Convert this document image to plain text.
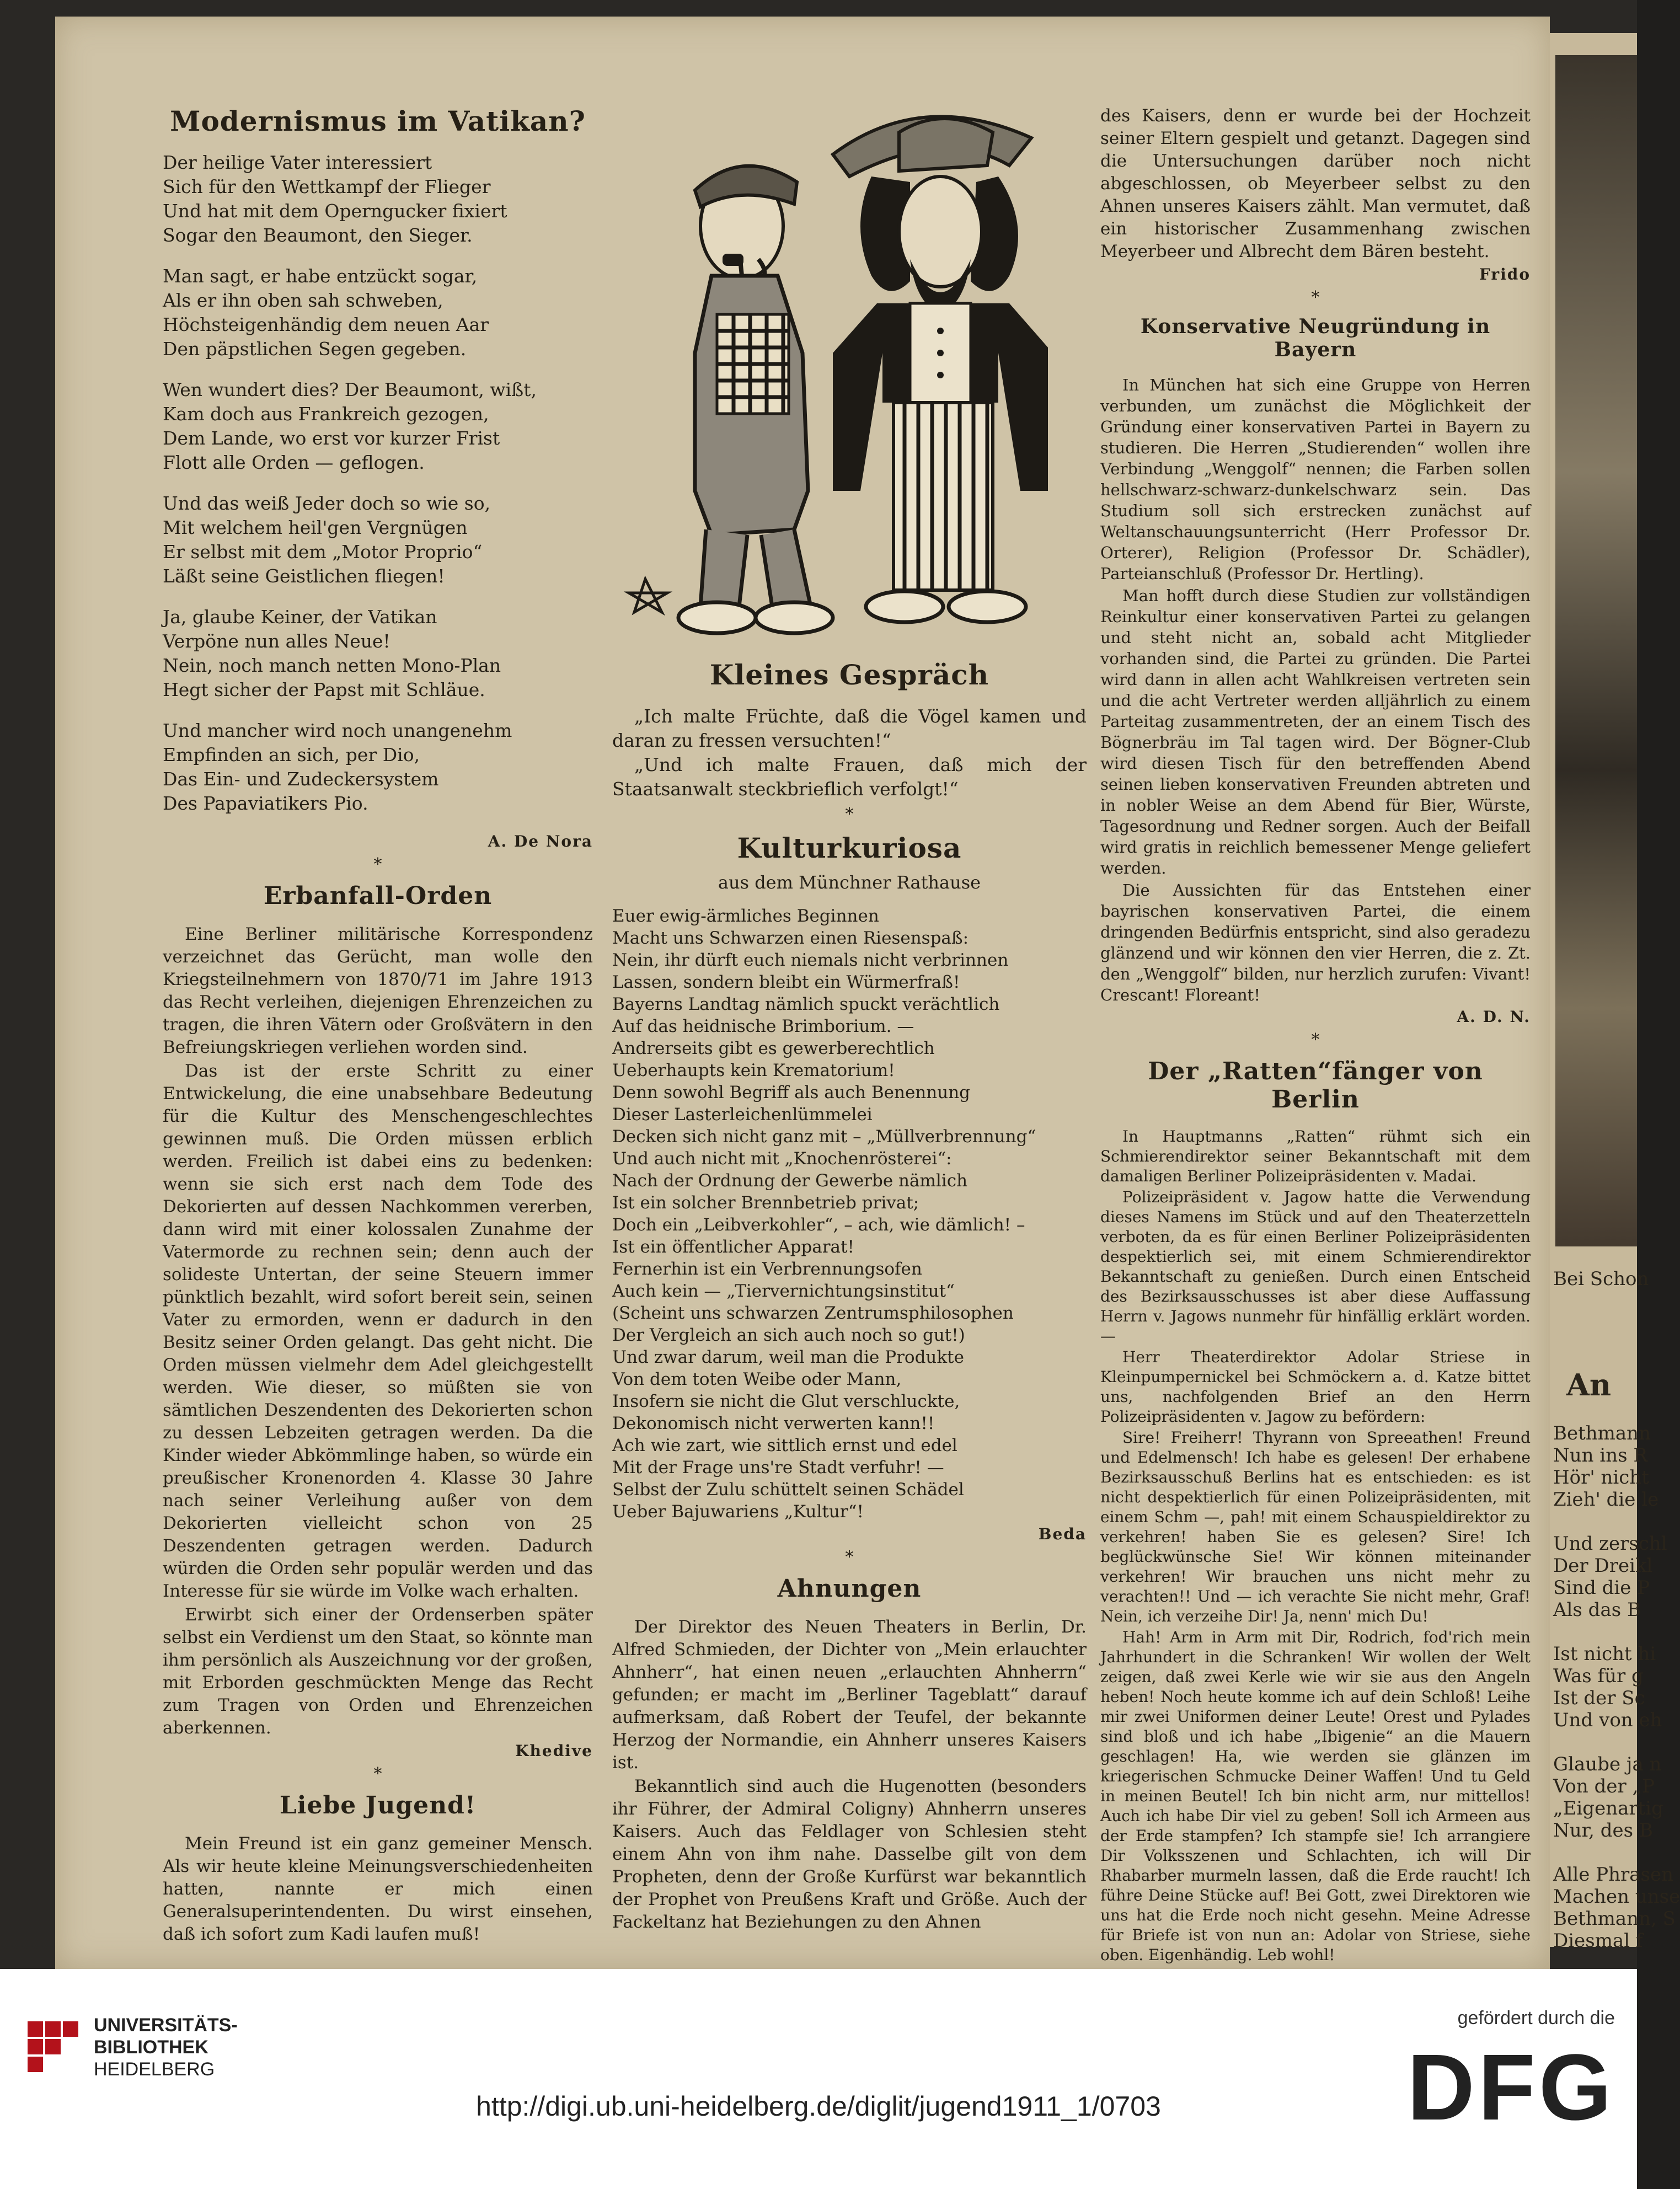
Bei Schon
An
Bethmann
Nun ins R
Hör' nicht
Zieh' die le
Und zerschl
Der Dreikl
Sind die P
Als das B
Ist nicht hi
Was für g
Ist der Sc
Und von eh
Glaube ja n
Von der „P
„Eigenartig
Nur, des B
Alle Phrasen
Machen unse
Bethmann, S
Diesmal f
Modernismus im Vatikan?
Der heilige Vater interessiert
Sich für den Wettkampf der Flieger
Und hat mit dem Operngucker fixiert
Sogar den Beaumont, den Sieger.
Man sagt, er habe entzückt sogar,
Als er ihn oben sah schweben,
Höchsteigenhändig dem neuen Aar
Den päpstlichen Segen gegeben.
Wen wundert dies? Der Beaumont, wißt,
Kam doch aus Frankreich gezogen,
Dem Lande, wo erst vor kurzer Frist
Flott alle Orden — geflogen.
Und das weiß Jeder doch so wie so,
Mit welchem heil'gen Vergnügen
Er selbst mit dem „Motor Proprio“
Läßt seine Geistlichen fliegen!
Ja, glaube Keiner, der Vatikan
Verpöne nun alles Neue!
Nein, noch manch netten Mono-Plan
Hegt sicher der Papst mit Schläue.
Und mancher wird noch unangenehm
Empfinden an sich, per Dio,
Das Ein- und Zudeckersystem
Des Papaviatikers Pio.
A. De Nora
*
Erbanfall-Orden

Eine Berliner militärische Korrespondenz verzeichnet das Gerücht, man wolle den Kriegsteilnehmern von 1870/71 im Jahre 1913 das Recht verleihen, diejenigen Ehrenzeichen zu tragen, die ihren Vätern oder Großvätern in den Befreiungskriegen verliehen worden sind.

Das ist der erste Schritt zu einer Entwickelung, die eine unabsehbare Bedeutung für die Kultur des Menschengeschlechtes gewinnen muß. Die Orden müssen erblich werden. Freilich ist dabei eins zu bedenken: wenn sie sich erst nach dem Tode des Dekorierten auf dessen Nachkommen vererben, dann wird mit einer kolossalen Zunahme der Vatermorde zu rechnen sein; denn auch der solideste Untertan, der seine Steuern immer pünktlich bezahlt, wird sofort bereit sein, seinen Vater zu ermorden, wenn er dadurch in den Besitz seiner Orden gelangt. Das geht nicht. Die Orden müssen vielmehr dem Adel gleichgestellt werden. Wie dieser, so müßten sie von sämtlichen Deszendenten des Dekorierten schon zu dessen Lebzeiten getragen werden. Da die Kinder wieder Abkömmlinge haben, so würde ein preußischer Kronenorden 4. Klasse 30 Jahre nach seiner Verleihung außer von dem Dekorierten vielleicht schon von 25 Deszendenten getragen werden. Dadurch würden die Orden sehr populär werden und das Interesse für sie würde im Volke wach erhalten.

Erwirbt sich einer der Ordenserben später selbst ein Verdienst um den Staat, so könnte man ihm persönlich als Auszeichnung vor der großen, mit Erborden geschmückten Menge das Recht zum Tragen von Orden und Ehrenzeichen aberkennen.

Khedive
*
Liebe Jugend!

Mein Freund ist ein ganz gemeiner Mensch. Als wir heute kleine Meinungsverschiedenheiten hatten, nannte er mich einen Generalsuperintendenten. Du wirst einsehen, daß ich sofort zum Kadi laufen muß!

Kleines Gespräch

„Ich malte Früchte, daß die Vögel kamen und daran zu fressen versuchten!“

„Und ich malte Frauen, daß mich der Staatsanwalt steckbrieflich verfolgt!“

*
Kulturkuriosa
aus dem Münchner Rathause
Euer ewig-ärmliches Beginnen
Macht uns Schwarzen einen Riesenspaß:
Nein, ihr dürft euch niemals nicht verbrinnen
Lassen, sondern bleibt ein Würmerfraß!
Bayerns Landtag nämlich spuckt verächtlich
Auf das heidnische Brimborium. —
Andrerseits gibt es gewerberechtlich
Ueberhaupts kein Krematorium!
Denn sowohl Begriff als auch Benennung
Dieser Lasterleichenlümmelei
Decken sich nicht ganz mit – „Müllverbrennung“
Und auch nicht mit „Knochenrösterei“:
Nach der Ordnung der Gewerbe nämlich
Ist ein solcher Brennbetrieb privat;
Doch ein „Leibverkohler“, – ach, wie dämlich! –
Ist ein öffentlicher Apparat!
Fernerhin ist ein Verbrennungsofen
Auch kein — „Tiervernichtungsinstitut“
(Scheint uns schwarzen Zentrumsphilosophen
Der Vergleich an sich auch noch so gut!)
Und zwar darum, weil man die Produkte
Von dem toten Weibe oder Mann,
Insofern sie nicht die Glut verschluckte,
Dekonomisch nicht verwerten kann!!
Ach wie zart, wie sittlich ernst und edel
Mit der Frage uns're Stadt verfuhr! —
Selbst der Zulu schüttelt seinen Schädel
Ueber Bajuwariens „Kultur“!
Beda
*
Ahnungen

Der Direktor des Neuen Theaters in Berlin, Dr. Alfred Schmieden, der Dichter von „Mein erlauchter Ahnherr“, hat einen neuen „erlauchten Ahnherrn“ gefunden; er macht im „Berliner Tageblatt“ darauf aufmerksam, daß Robert der Teufel, der bekannte Herzog der Normandie, ein Ahnherr unseres Kaisers ist.

Bekanntlich sind auch die Hugenotten (besonders ihr Führer, der Admiral Coligny) Ahnherrn unseres Kaisers. Auch das Feldlager von Schlesien steht einem Ahn von ihm nahe. Dasselbe gilt von dem Propheten, denn der Große Kurfürst war bekanntlich der Prophet von Preußens Kraft und Größe. Auch der Fackeltanz hat Beziehungen zu den Ahnen

des Kaisers, denn er wurde bei der Hochzeit seiner Eltern gespielt und getanzt. Dagegen sind die Untersuchungen darüber noch nicht abgeschlossen, ob Meyerbeer selbst zu den Ahnen unseres Kaisers zählt. Man vermutet, daß ein historischer Zusammenhang zwischen Meyerbeer und Albrecht dem Bären besteht.

Frido
*
Konservative Neugründung in Bayern

In München hat sich eine Gruppe von Herren verbunden, um zunächst die Möglichkeit der Gründung einer konservativen Partei in Bayern zu studieren. Die Herren „Studierenden“ wollen ihre Verbindung „Wenggolf“ nennen; die Farben sollen hellschwarz-schwarz-dunkelschwarz sein. Das Studium soll sich erstrecken zunächst auf Weltanschauungsunterricht (Herr Professor Dr. Orterer), Religion (Professor Dr. Schädler), Parteianschluß (Professor Dr. Hertling).

Man hofft durch diese Studien zur vollständigen Reinkultur einer konservativen Partei zu gelangen und steht nicht an, sobald acht Mitglieder vorhanden sind, die Partei zu gründen. Die Partei wird dann in allen acht Wahlkreisen vertreten sein und die acht Vertreter werden alljährlich zu einem Parteitag zusammentreten, der an einem Tisch des Bögnerbräu im Tal tagen wird. Der Bögner-Club wird diesen Tisch für den betreffenden Abend seinen lieben konservativen Freunden abtreten und in nobler Weise an dem Abend für Bier, Würste, Tagesordnung und Redner sorgen. Auch der Beifall wird gratis in reichlich bemessener Menge geliefert werden.

Die Aussichten für das Entstehen einer bayrischen konservativen Partei, die einem dringenden Bedürfnis entspricht, sind also geradezu glänzend und wir können den vier Herren, die z. Zt. den „Wenggolf“ bilden, nur herzlich zurufen: Vivant! Crescant! Floreant!

A. D. N.
*
Der „Ratten“fänger von Berlin

In Hauptmanns „Ratten“ rühmt sich ein Schmierendirektor seiner Bekanntschaft mit dem damaligen Berliner Polizeipräsidenten v. Madai.

Polizeipräsident v. Jagow hatte die Verwendung dieses Namens im Stück und auf den Theaterzetteln verboten, da es für einen Berliner Polizeipräsidenten despektierlich sei, mit einem Schmierendirektor Bekanntschaft zu genießen. Durch einen Entscheid des Bezirksausschusses ist aber diese Auffassung Herrn v. Jagows nunmehr für hinfällig erklärt worden. —

Herr Theaterdirektor Adolar Striese in Kleinpumpernickel bei Schmöckern a. d. Katze bittet uns, nachfolgenden Brief an den Herrn Polizeipräsidenten v. Jagow zu befördern:

Sire! Freiherr! Thyrann von Spreeathen! Freund und Edelmensch! Ich habe es gelesen! Der erhabene Bezirksausschuß Berlins hat es entschieden: es ist nicht despektierlich für einen Polizeipräsidenten, mit einem Schm —, pah! mit einem Schauspieldirektor zu verkehren! haben Sie es gelesen? Sire! Ich beglückwünsche Sie! Wir können miteinander verkehren! Wir brauchen uns nicht mehr zu verachten!! Und — ich verachte Sie nicht mehr, Graf! Nein, ich verzeihe Dir! Ja, nenn' mich Du!

Hah! Arm in Arm mit Dir, Rodrich, fod'rich mein Jahrhundert in die Schranken! Wir wollen der Welt zeigen, daß zwei Kerle wie wir sie aus den Angeln heben! Noch heute komme ich auf dein Schloß! Leihe mir zwei Uniformen deiner Leute! Orest und Pylades sind bloß und ich habe „Ibigenie“ an die Mauern geschlagen! Ha, wie werden sie glänzen im kriegerischen Schmucke Deiner Waffen! Und tu Geld in meinen Beutel! Ich bin nicht arm, nur mittellos! Auch ich habe Dir viel zu geben! Soll ich Armeen aus der Erde stampfen? Ich stampfe sie! Ich arrangiere Dir Volksszenen und Schlachten, ich will Dir Rhabarber murmeln lassen, daß die Erde raucht! Ich führe Deine Stücke auf! Bei Gott, zwei Direktoren wie uns hat die Erde noch nicht gesehn. Meine Adresse für Briefe ist von nun an: Adolar von Striese, siehe oben. Eigenhändig. Leb wohl!

UNIVERSITÄTS-
BIBLIOTHEK
HEIDELBERG
http://digi.ub.uni-heidelberg.de/diglit/jugend1911_1/0703
gefördert durch die
DFG
